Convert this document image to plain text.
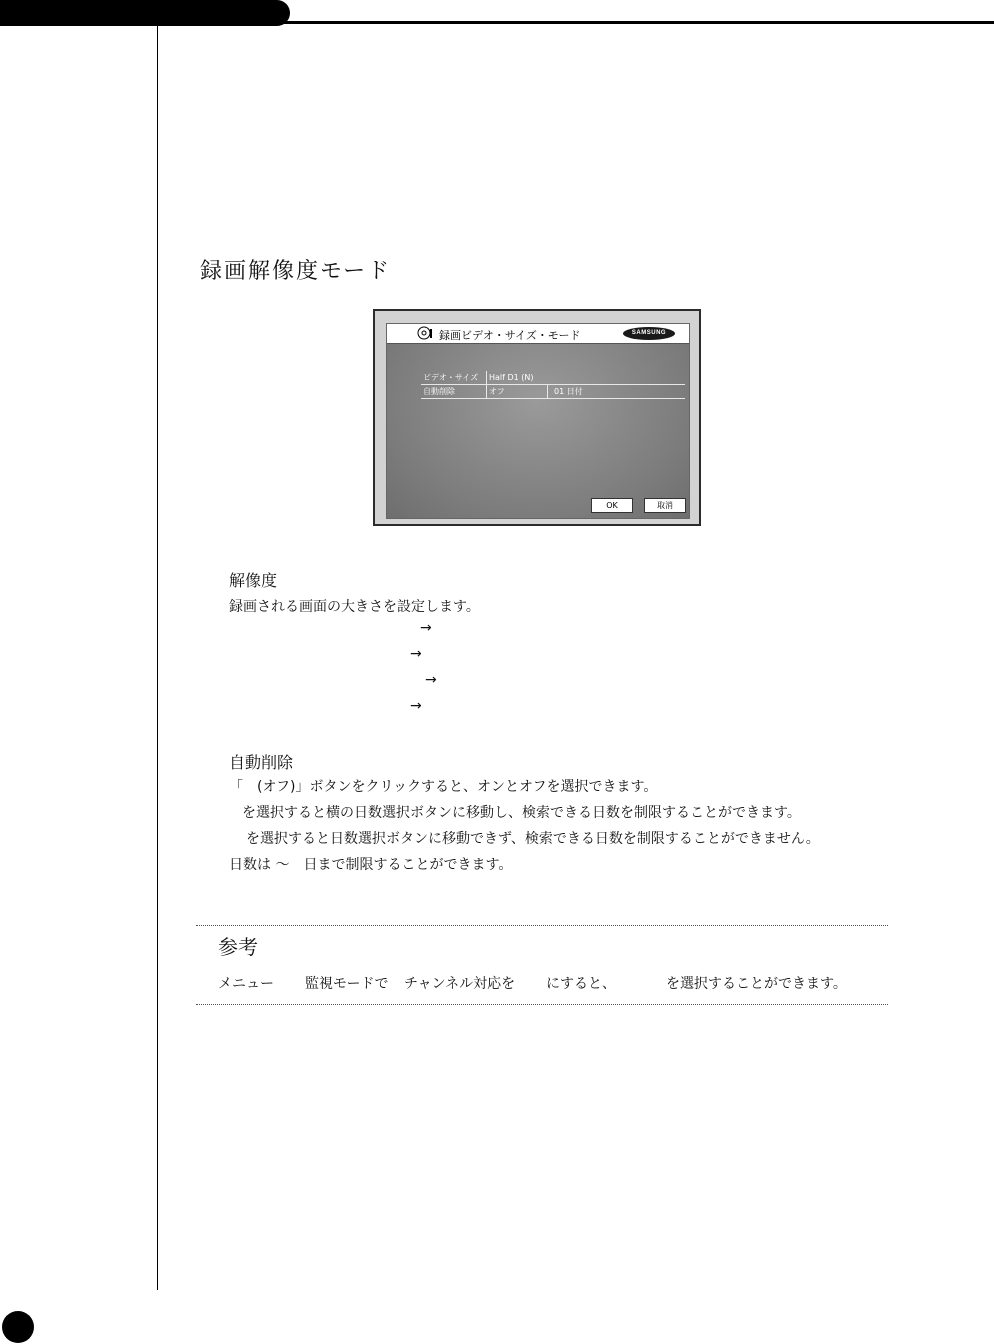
録画解像度モード
録画ビデオ・サイズ・モード	SAMSUNG
ビデオ・サイズ	Half D1 (N)
自動削除	オフ	01 日付
OK	取消
解像度
録画される画面の大きさを設定します。
→
→
→
→
自動削除
「　(オフ)」ボタンをクリックすると、オンとオフを選択できます。
を選択すると横の日数選択ボタンに移動し、検索できる日数を制限することができます。
を選択すると日数選択ボタンに移動できず、検索できる日数を制限することができません。
日数は ～　日まで制限することができます。
参考
メニュー 監視モードで チャンネル対応を にすると、	を選択することができます。
